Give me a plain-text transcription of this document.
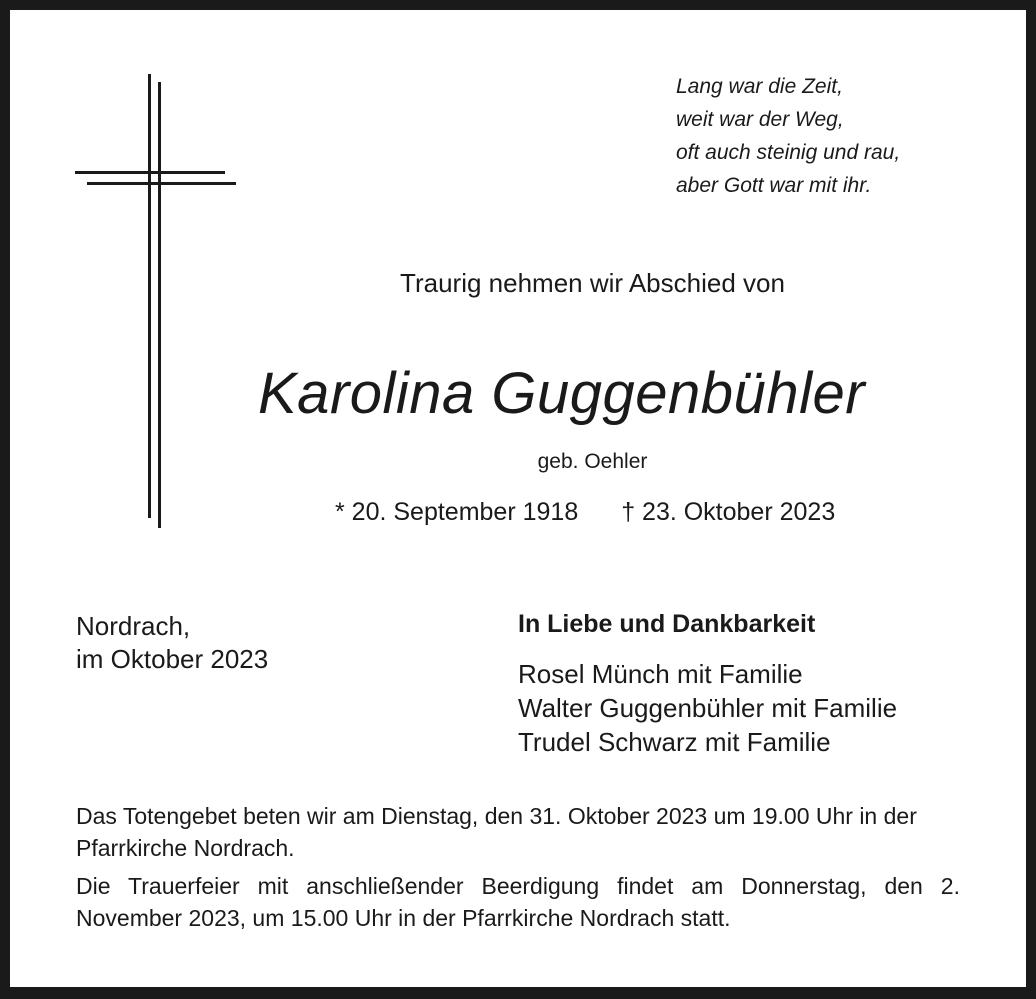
Lang war die Zeit,
weit war der Weg,
oft auch steinig und rau,
aber Gott war mit ihr.
Traurig nehmen wir Abschied von
Karolina Guggenbühler
geb. Oehler
* 20. September 1918 † 23. Oktober 2023
Nordrach,
im Oktober 2023
In Liebe und Dankbarkeit
Rosel Münch mit Familie
Walter Guggenbühler mit Familie
Trudel Schwarz mit Familie
Das Totengebet beten wir am Dienstag, den 31. Oktober 2023 um 19.00 Uhr in der Pfarrkirche Nordrach.
Die Trauerfeier mit anschließender Beerdigung findet am Donnerstag, den 2. November 2023, um 15.00 Uhr in der Pfarrkirche Nordrach statt.
